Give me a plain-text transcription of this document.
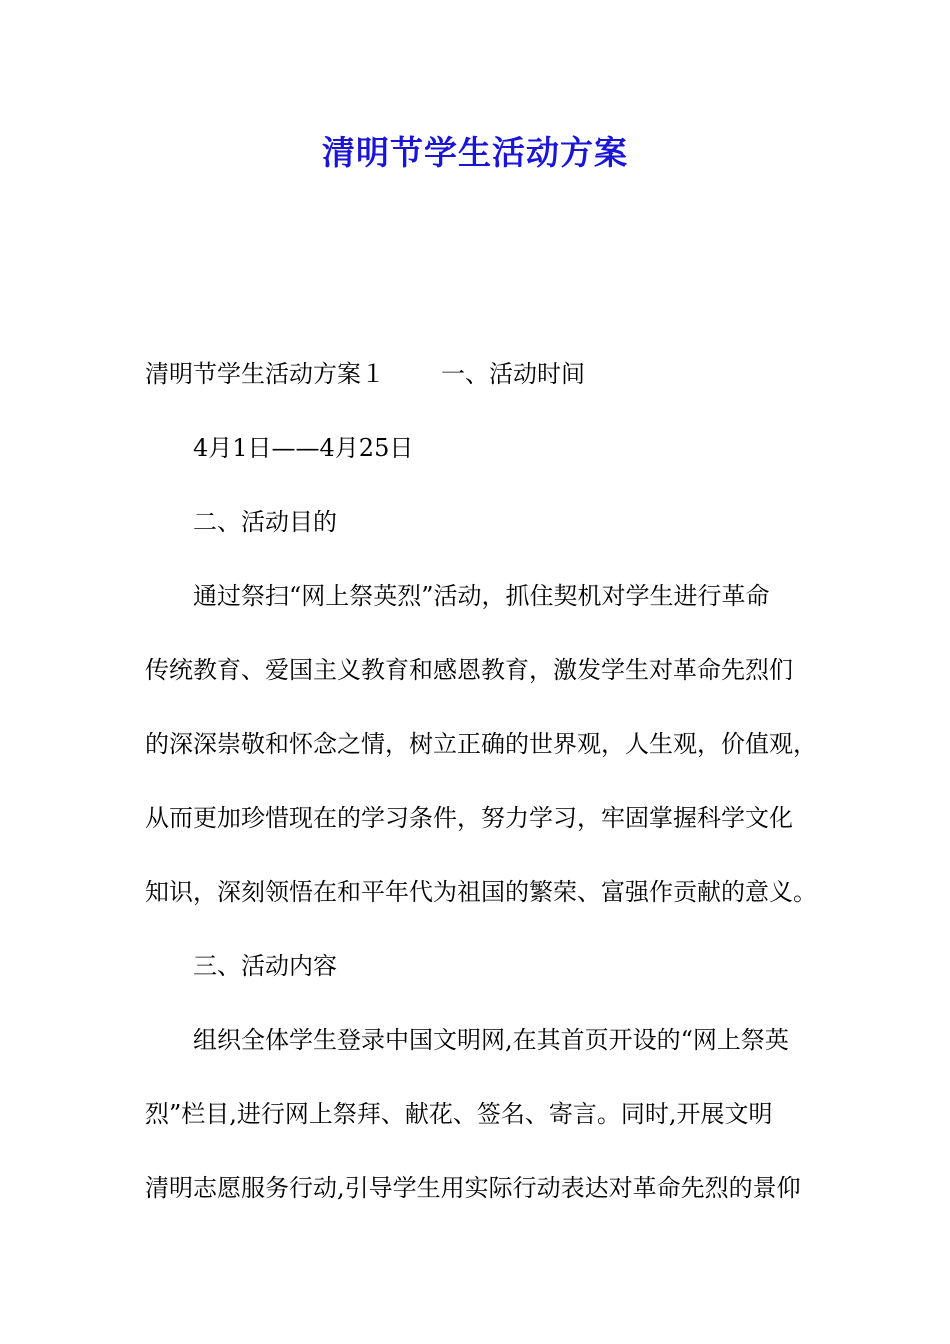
清明节学生活动方案
清明节学生活动方案１ 一、活动时间
4月1日——4月25日
二、活动目的
通过祭扫“网上祭英烈”活动，抓住契机对学生进行革命
传统教育、爱国主义教育和感恩教育，激发学生对革命先烈们
的深深崇敬和怀念之情，树立正确的世界观，人生观，价值观，
从而更加珍惜现在的学习条件，努力学习，牢固掌握科学文化
知识，深刻领悟在和平年代为祖国的繁荣、富强作贡献的意义。
三、活动内容
组织全体学生登录中国文明网,在其首页开设的“网上祭英
烈”栏目,进行网上祭拜、献花、签名、寄言。同时,开展文明
清明志愿服务行动,引导学生用实际行动表达对革命先烈的景仰
